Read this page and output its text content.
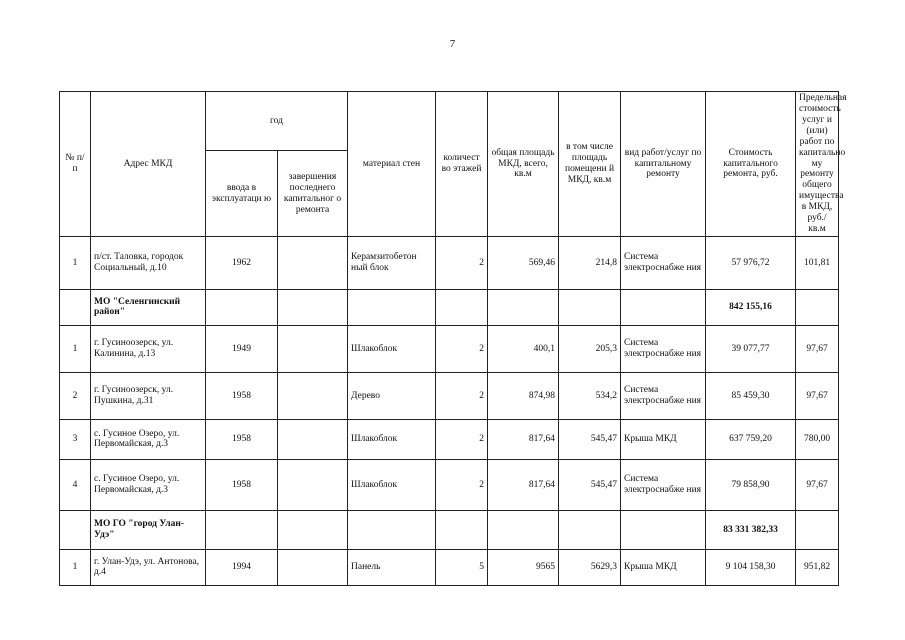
7
№ п/п	Адрес МКД	год		материал стен	количест во этажей	общая площадь МКД, всего, кв.м	в том числе площадь помещени й МКД, кв.м	вид работ/услуг по капитальному ремонту	Стоимость капитального ремонта, руб.	Предельная стоимость услуг и (или) работ по капитально му ремонту общего имущества в МКД, руб./кв.м
		ввода в эксплуатаци ю	завершения последнего капитальног о ремонта							
1	п/ст. Таловка, городок Социальный, д.10	1962		Керамзитобетон ный блок	2	569,46	214,8	Система электроснабже ния	57 976,72	101,81
	МО "Селенгинский район"								842 155,16	
1	г. Гусиноозерск, ул. Калинина, д.13	1949		Шлакоблок	2	400,1	205,3	Система электроснабже ния	39 077,77	97,67
2	г. Гусиноозерск, ул. Пушкина, д.31	1958		Дерево	2	874,98	534,2	Система электроснабже ния	85 459,30	97,67
3	с. Гусиное Озеро, ул. Первомайская, д.3	1958		Шлакоблок	2	817,64	545,47	Крыша МКД	637 759,20	780,00
4	с. Гусиное Озеро, ул. Первомайская, д.3	1958		Шлакоблок	2	817,64	545,47	Система электроснабже ния	79 858,90	97,67
	МО ГО "город Улан-Удэ"								83 331 382,33	
1	г. Улан-Удэ, ул. Антонова, д.4	1994		Панель	5	9565	5629,3	Крыша МКД	9 104 158,30	951,82
